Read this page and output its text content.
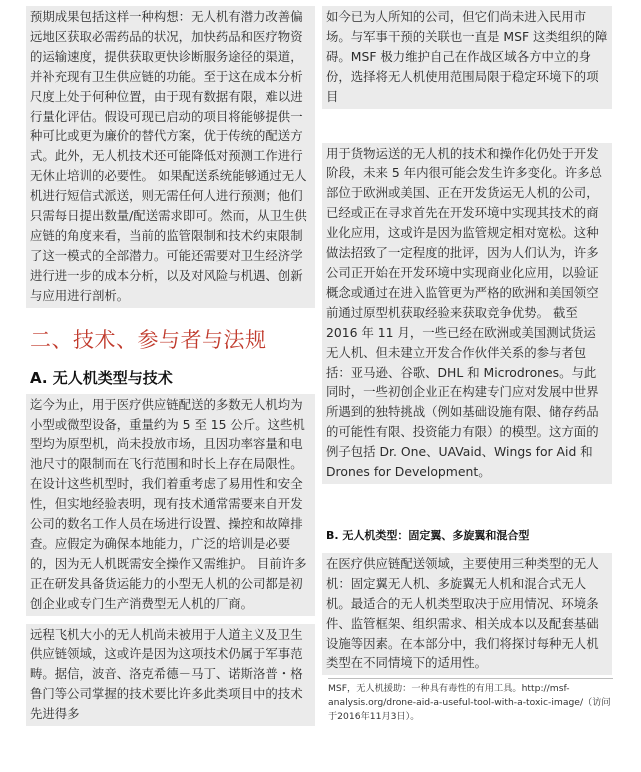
预期成果包括这样一种构想：无人机有潜力改善偏远地区获取必需药品的状况，加快药品和医疗物资的运输速度，提供获取更快诊断服务途径的渠道，并补充现有卫生供应链的功能。至于这在成本分析尺度上处于何种位置，由于现有数据有限，难以进行量化评估。假设可现已启动的项目将能够提供一种可比或更为廉价的替代方案，优于传统的配送方式。此外，无人机技术还可能降低对预测工作进行无休止培训的必要性。 如果配送系统能够通过无人机进行短信式派送，则无需任何人进行预测；他们只需每日提出数量/配送需求即可。然而，从卫生供应链的角度来看，当前的监管限制和技术约束限制了这一模式的全部潜力。可能还需要对卫生经济学进行进一步的成本分析，以及对风险与机遇、创新与应用进行剖析。

二、技术、参与者与法规
A. 无人机类型与技术

迄今为止，用于医疗供应链配送的多数无人机均为小型或微型设备，重量约为 5 至 15 公斤。这些机型均为原型机，尚未投放市场，且因功率容量和电池尺寸的限制而在飞行范围和时长上存在局限性。在设计这些机型时，我们着重考虑了易用性和安全性，但实地经验表明，现有技术通常需要来自开发公司的数名工作人员在场进行设置、操控和故障排查。应假定为确保本地能力，广泛的培训是必要的，因为无人机既需安全操作又需维护。 目前许多正在研发具备货运能力的小型无人机的公司都是初创企业或专门生产消费型无人机的厂商。

远程飞机大小的无人机尚未被用于人道主义及卫生供应链领域，这或许是因为这项技术仍属于军事范畴。据信，波音、洛克希德－马丁、诺斯洛普・格鲁门等公司掌握的技术要比许多此类项目中的技术先进得多

如今已为人所知的公司，但它们尚未进入民用市场。与军事干预的关联也一直是 MSF 这类组织的障碍。MSF 极力维护自己在作战区域各方中立的身份，选择将无人机使用范围局限于稳定环境下的项目

用于货物运送的无人机的技术和操作化仍处于开发阶段，未来 5 年内很可能会发生许多变化。许多总部位于欧洲或美国、正在开发货运无人机的公司，已经或正在寻求首先在开发环境中实现其技术的商业化应用，这或许是因为监管规定相对宽松。这种做法招致了一定程度的批评，因为人们认为，许多公司正开始在开发环境中实现商业化应用，以验证概念或通过在进入监管更为严格的欧洲和美国领空前通过原型机获取经验来获取竞争优势。 截至 2016 年 11 月，一些已经在欧洲或美国测试货运无人机、但未建立开发合作伙伴关系的参与者包括：亚马逊、谷歌、DHL 和 Microdrones。与此同时，一些初创企业正在构建专门应对发展中世界所遇到的独特挑战（例如基础设施有限、储存药品的可能性有限、投资能力有限）的模型。这方面的例子包括 Dr. One、UAVaid、Wings for Aid 和 Drones for Development。

B. 无人机类型：固定翼、多旋翼和混合型

在医疗供应链配送领域，主要使用三种类型的无人机：固定翼无人机、多旋翼无人机和混合式无人机。最适合的无人机类型取决于应用情况、环境条件、监管框架、组织需求、相关成本以及配套基础设施等因素。在本部分中，我们将探讨每种无人机类型在不同情境下的适用性。

MSF，无人机援助：一种具有毒性的有用工具。http://msf-analysis.org/drone-aid-a-useful-tool-with-a-toxic-image/（访问于2016年11月3日）。
